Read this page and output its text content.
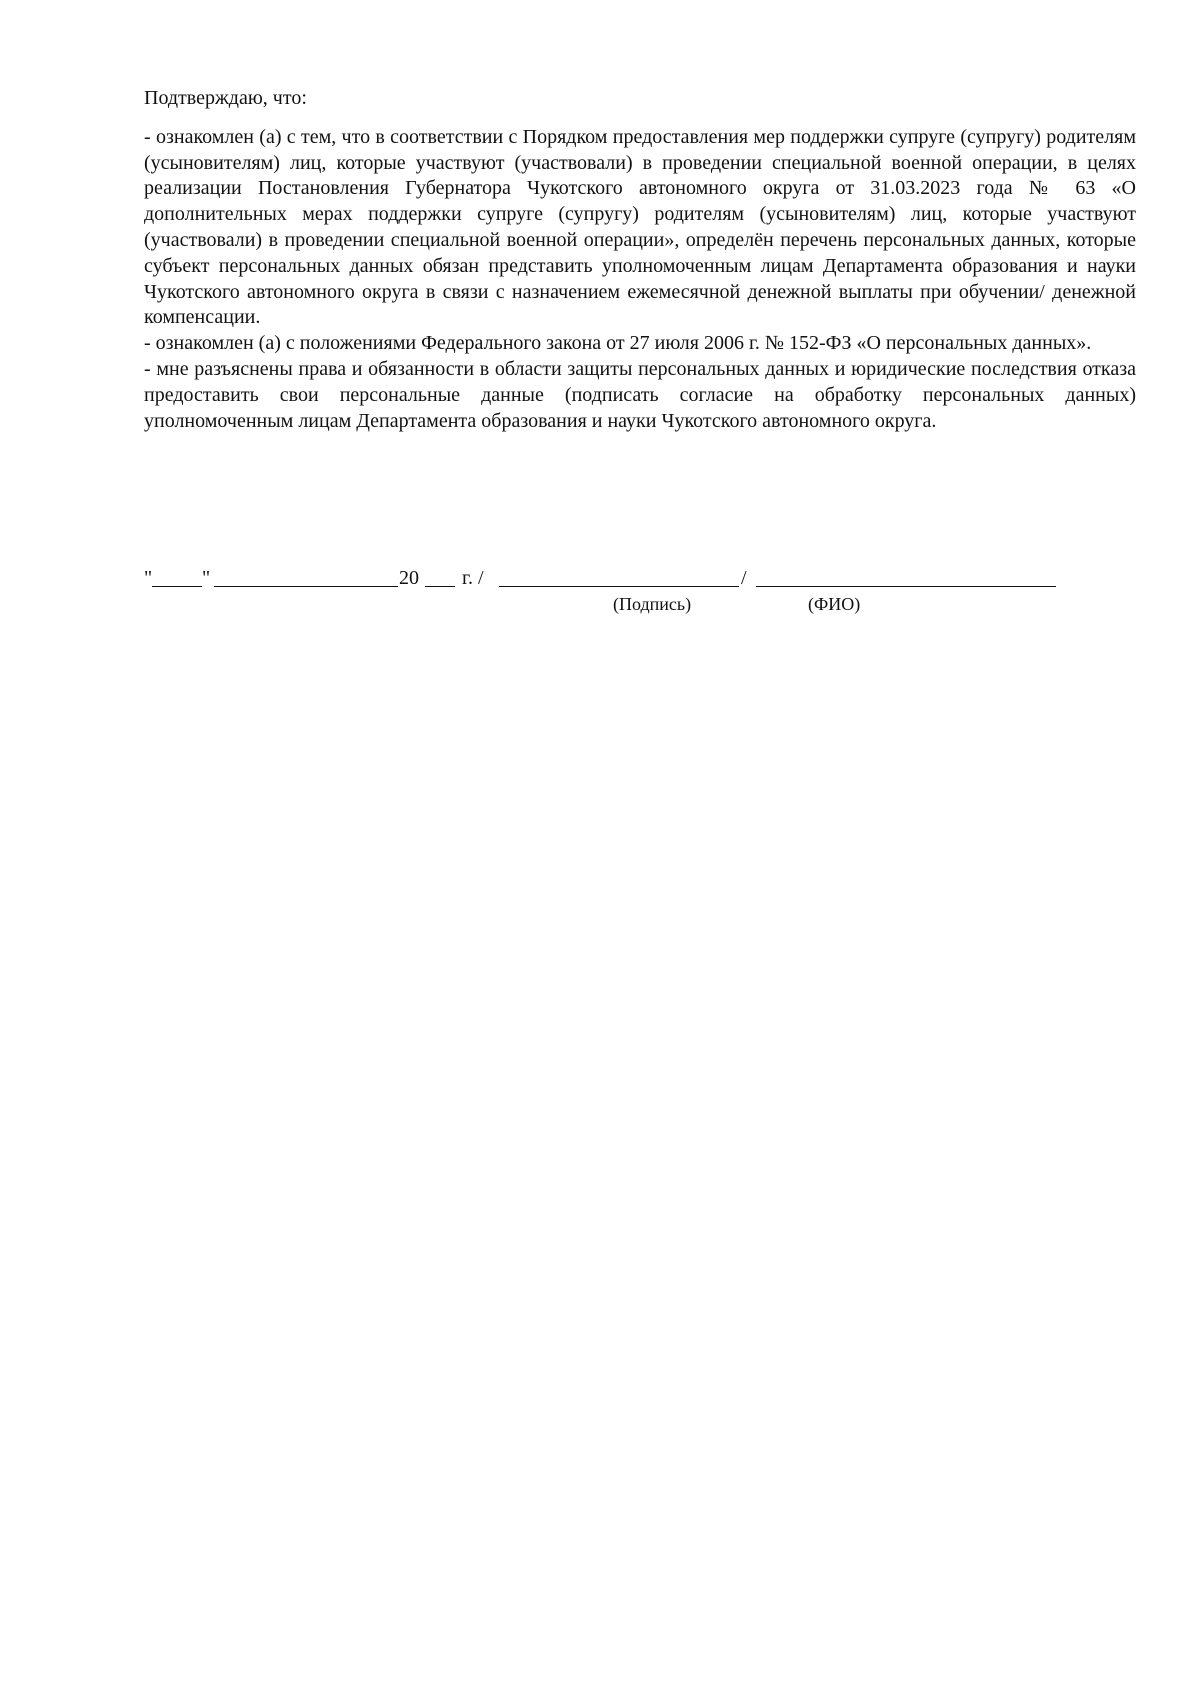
Подтверждаю, что:

- ознакомлен (а) с тем, что в соответствии с Порядком предоставления мер поддержки супруге (супругу) родителям (усыновителям) лиц, которые участвуют (участвовали) в проведении специальной военной операции, в целях реализации Постановления Губернатора Чукотского автономного округа от 31.03.2023 года № 63 «О дополнительных мерах поддержки супруге (супругу) родителям (усыновителям) лиц, которые участвуют (участвовали) в проведении специальной военной операции», определён перечень персональных данных, которые субъект персональных данных обязан представить уполномоченным лицам Департамента образования и науки Чукотского автономного округа в связи с назначением ежемесячной денежной выплаты при обучении/ денежной компенсации.

- ознакомлен (а) с положениями Федерального закона от 27 июля 2006 г. № 152-ФЗ «О персональных данных».

- мне разъяснены права и обязанности в области защиты персональных данных и юридические последствия отказа предоставить свои персональные данные (подписать согласие на обработку персональных данных) уполномоченным лицам Департамента образования и науки Чукотского автономного округа.

" "	20 г. /	/
(Подпись)	(ФИО)
